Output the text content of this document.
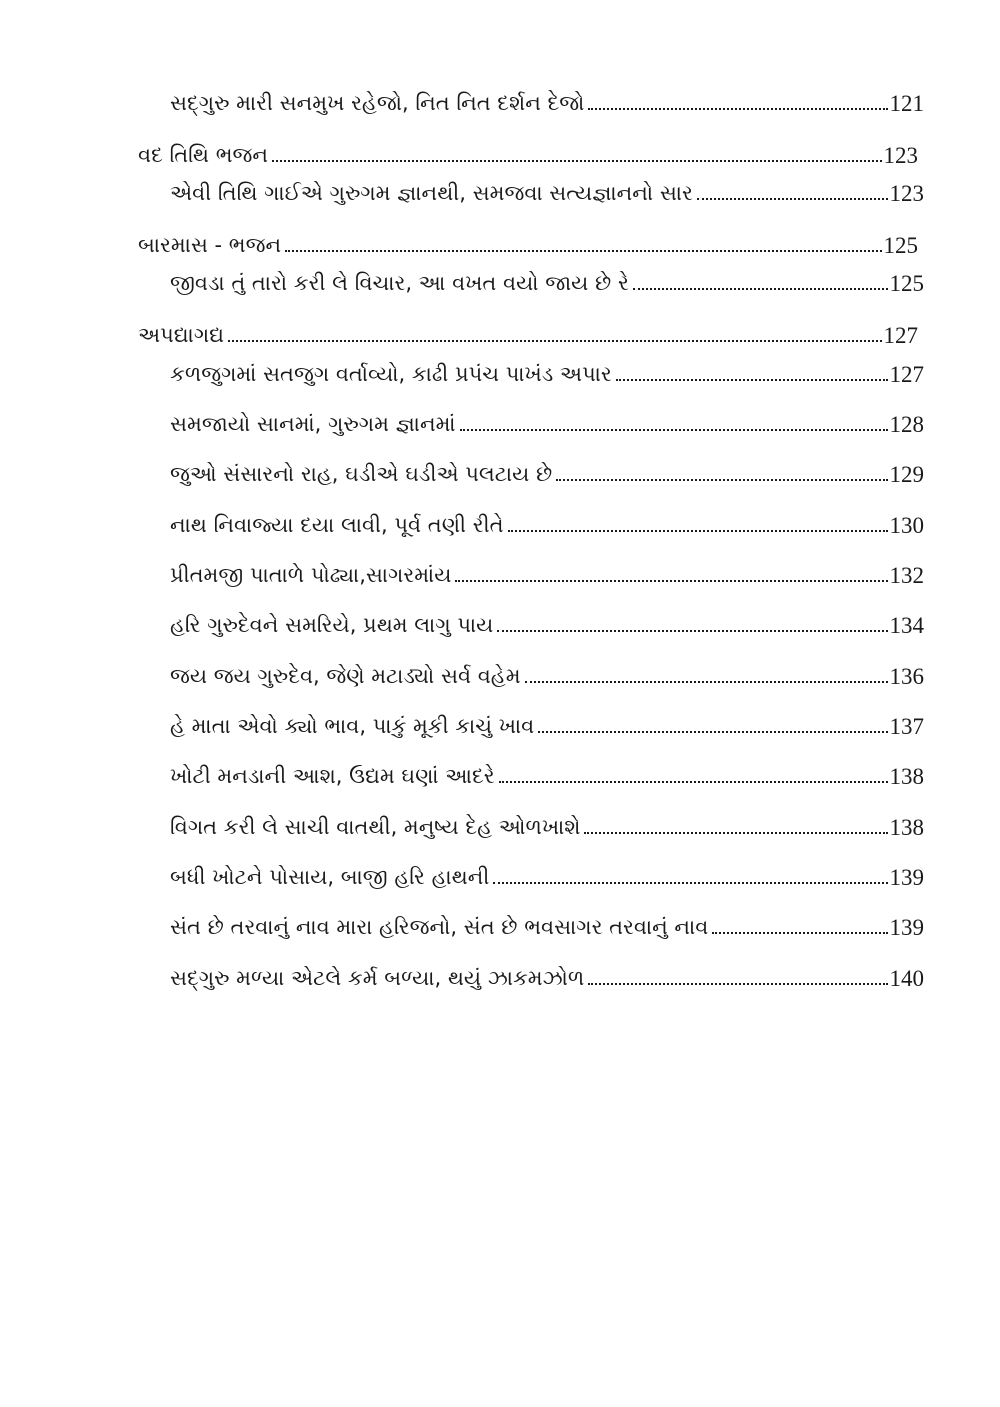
સદ્‌ગુરુ મારી સનમુખ રહેજો, નિત નિત દર્શન દેજો	121
વદ તિથિ ભજન	123
એવી તિથિ ગાઈએ ગુરુગમ જ્ઞાનથી, સમજવા સત્યજ્ઞાનનો સાર	123
બારમાસ - ભજન	125
જીવડા તું તારો કરી લે વિચાર, આ વખત વયો જાય છે રે	125
અપદ્યાગદ્ય	127
કળજુગમાં સતજુગ વર્તાવ્યો, કાઢી પ્રપંચ પાખંડ અપાર	127
સમજાયો સાનમાં, ગુરુગમ જ્ઞાનમાં	128
જુઓ સંસારનો રાહ, ઘડીએ ઘડીએ પલટાય છે	129
નાથ નિવાજ્યા દયા લાવી, પૂર્વ તણી રીતે	130
પ્રીતમજી પાતાળે પોઢ્યા,સાગરમાંય	132
હરિ ગુરુદેવને સમરિયે, પ્રથમ લાગુ પાય	134
જય જય ગુરુદેવ, જેણે મટાડ્યો સર્વ વહેમ	136
હે માતા એવો ક્યો ભાવ, પાકું મૂકી કાચું ખાવ	137
ખોટી મનડાની આશ, ઉદ્યમ ઘણાં આદરે	138
વિગત કરી લે સાચી વાતથી, મનુષ્ય દેહ ઓળખાશે	138
બધી ખોટને પોસાય, બાજી હરિ હાથની	139
સંત છે તરવાનું નાવ મારા હરિજનો, સંત છે ભવસાગર તરવાનું નાવ	139
સદ્‌ગુરુ મળ્યા એટલે કર્મ બળ્યા, થયું ઝાકમઝોળ	140
